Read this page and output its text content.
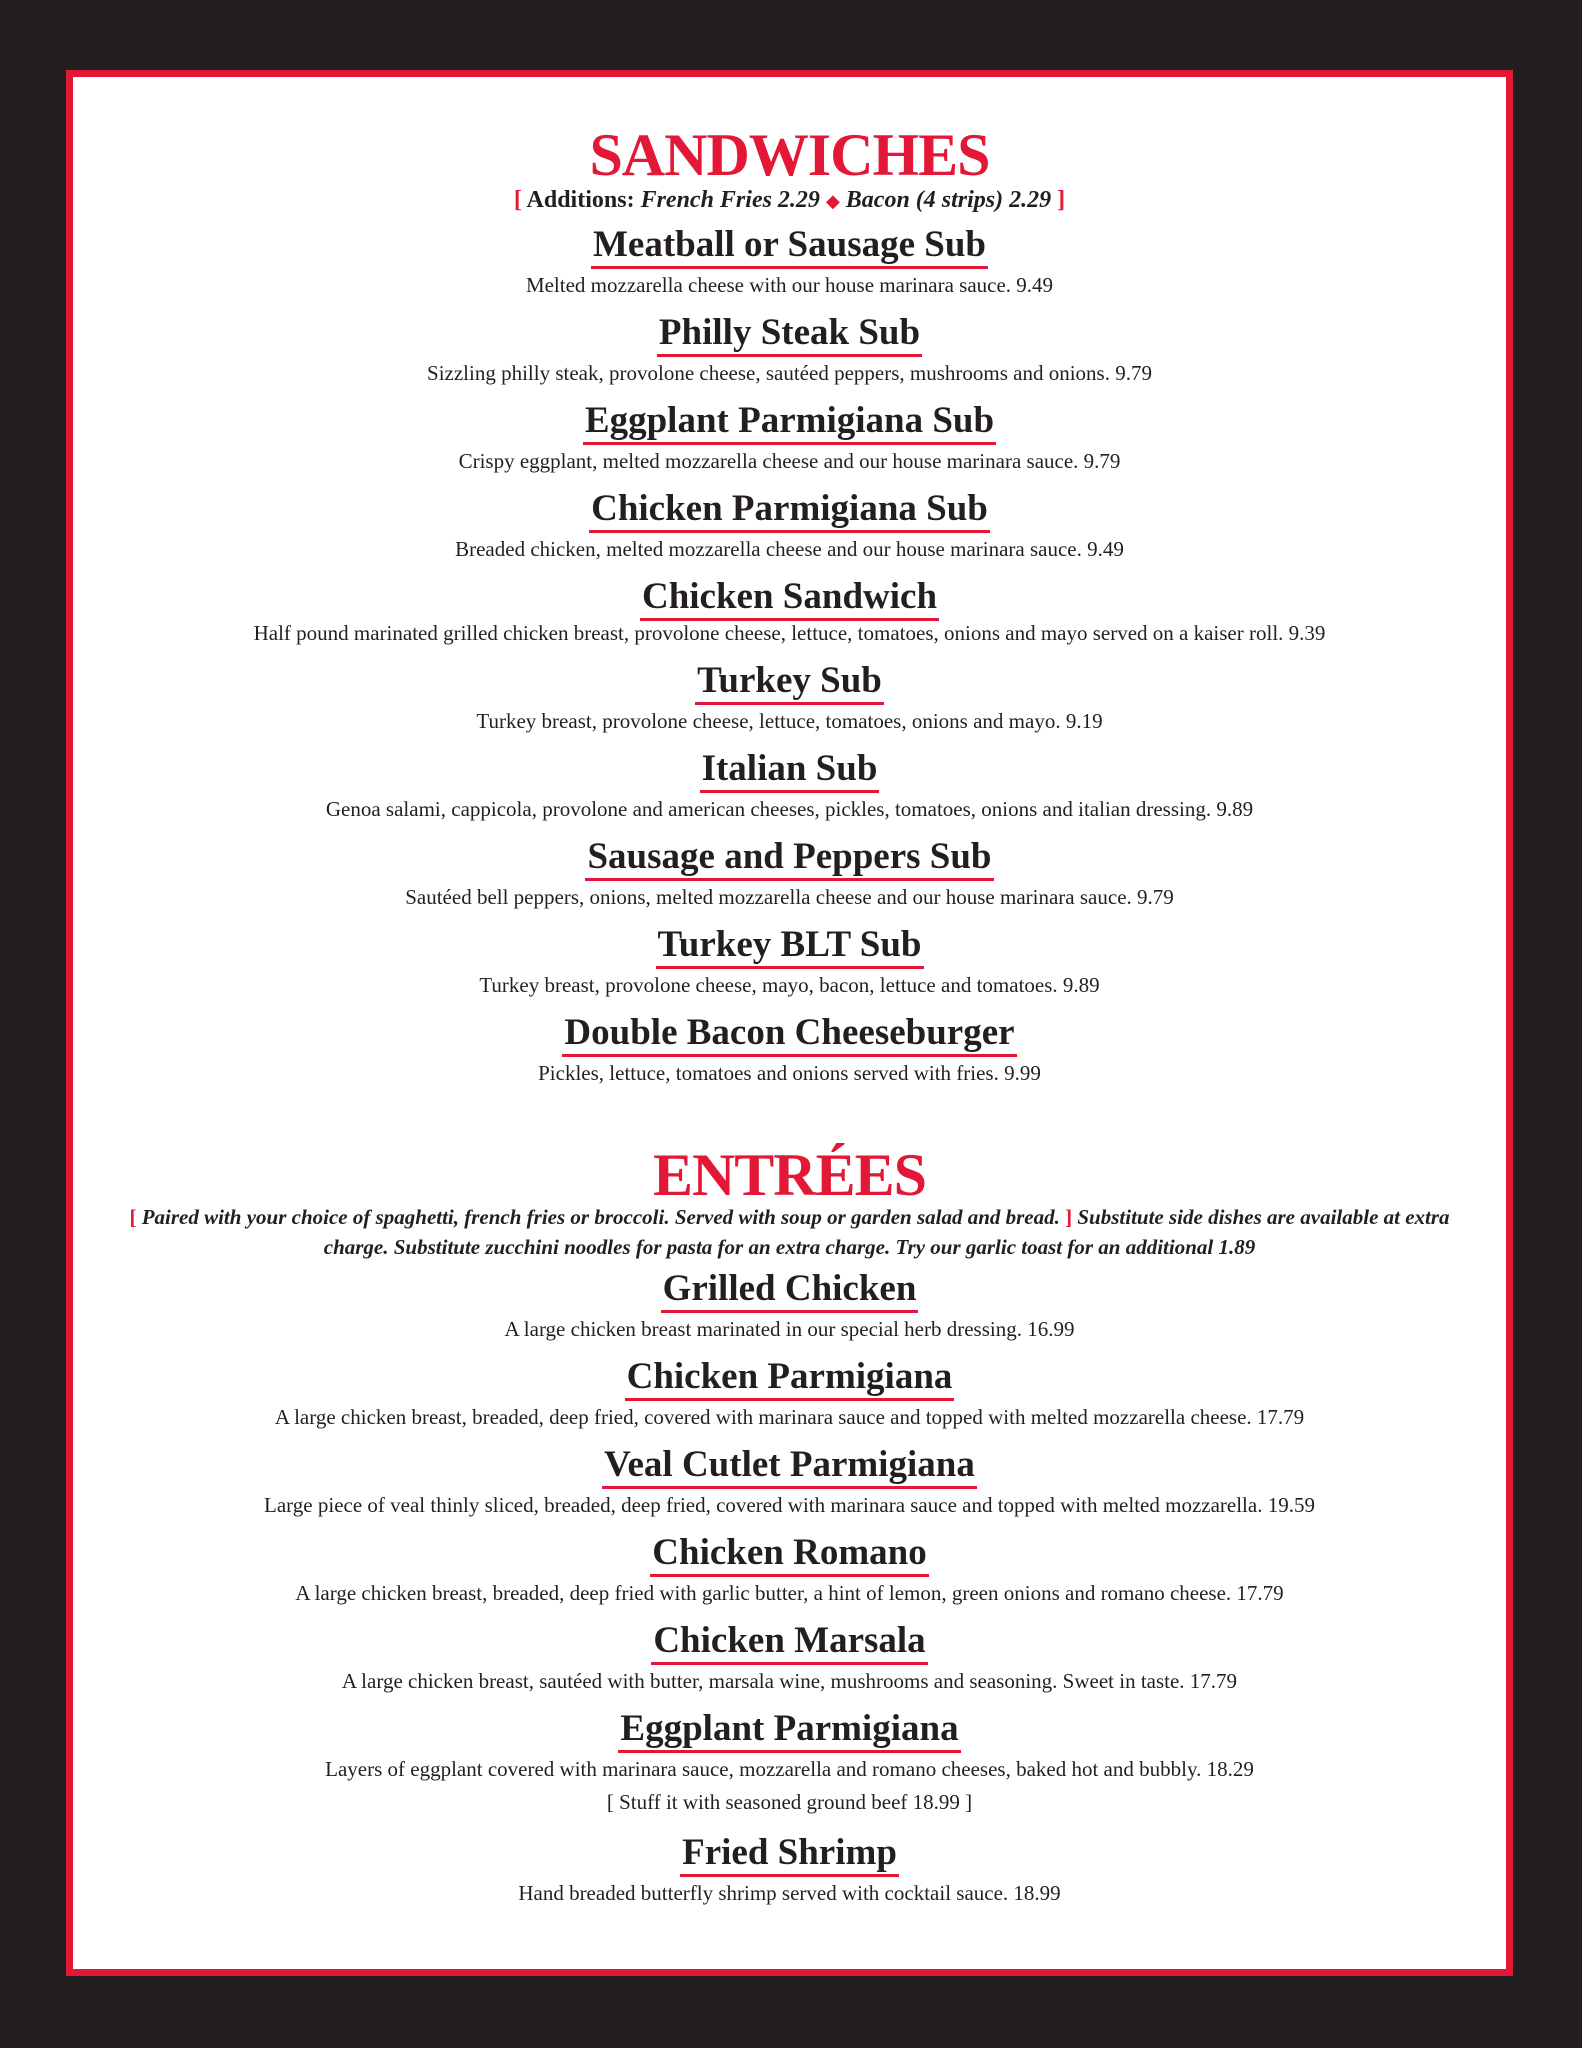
SANDWICHES
[ Additions: French Fries 2.29 ◆ Bacon (4 strips) 2.29 ]
Meatball or Sausage Sub
Melted mozzarella cheese with our house marinara sauce. 9.49
Philly Steak Sub
Sizzling philly steak, provolone cheese, sautéed peppers, mushrooms and onions. 9.79
Eggplant Parmigiana Sub
Crispy eggplant, melted mozzarella cheese and our house marinara sauce. 9.79
Chicken Parmigiana Sub
Breaded chicken, melted mozzarella cheese and our house marinara sauce. 9.49
Chicken Sandwich
Half pound marinated grilled chicken breast, provolone cheese, lettuce, tomatoes, onions and mayo served on a kaiser roll. 9.39
Turkey Sub
Turkey breast, provolone cheese, lettuce, tomatoes, onions and mayo. 9.19
Italian Sub
Genoa salami, cappicola, provolone and american cheeses, pickles, tomatoes, onions and italian dressing. 9.89
Sausage and Peppers Sub
Sautéed bell peppers, onions, melted mozzarella cheese and our house marinara sauce. 9.79
Turkey BLT Sub
Turkey breast, provolone cheese, mayo, bacon, lettuce and tomatoes. 9.89
Double Bacon Cheeseburger
Pickles, lettuce, tomatoes and onions served with fries. 9.99
ENTRÉES
[ Paired with your choice of spaghetti, french fries or broccoli. Served with soup or garden salad and bread. ] Substitute side dishes are available at extra charge. Substitute zucchini noodles for pasta for an extra charge. Try our garlic toast for an additional 1.89
Grilled Chicken
A large chicken breast marinated in our special herb dressing. 16.99
Chicken Parmigiana
A large chicken breast, breaded, deep fried, covered with marinara sauce and topped with melted mozzarella cheese. 17.79
Veal Cutlet Parmigiana
Large piece of veal thinly sliced, breaded, deep fried, covered with marinara sauce and topped with melted mozzarella. 19.59
Chicken Romano
A large chicken breast, breaded, deep fried with garlic butter, a hint of lemon, green onions and romano cheese. 17.79
Chicken Marsala
A large chicken breast, sautéed with butter, marsala wine, mushrooms and seasoning. Sweet in taste. 17.79
Eggplant Parmigiana
Layers of eggplant covered with marinara sauce, mozzarella and romano cheeses, baked hot and bubbly. 18.29
[ Stuff it with seasoned ground beef 18.99 ]
Fried Shrimp
Hand breaded butterfly shrimp served with cocktail sauce. 18.99
